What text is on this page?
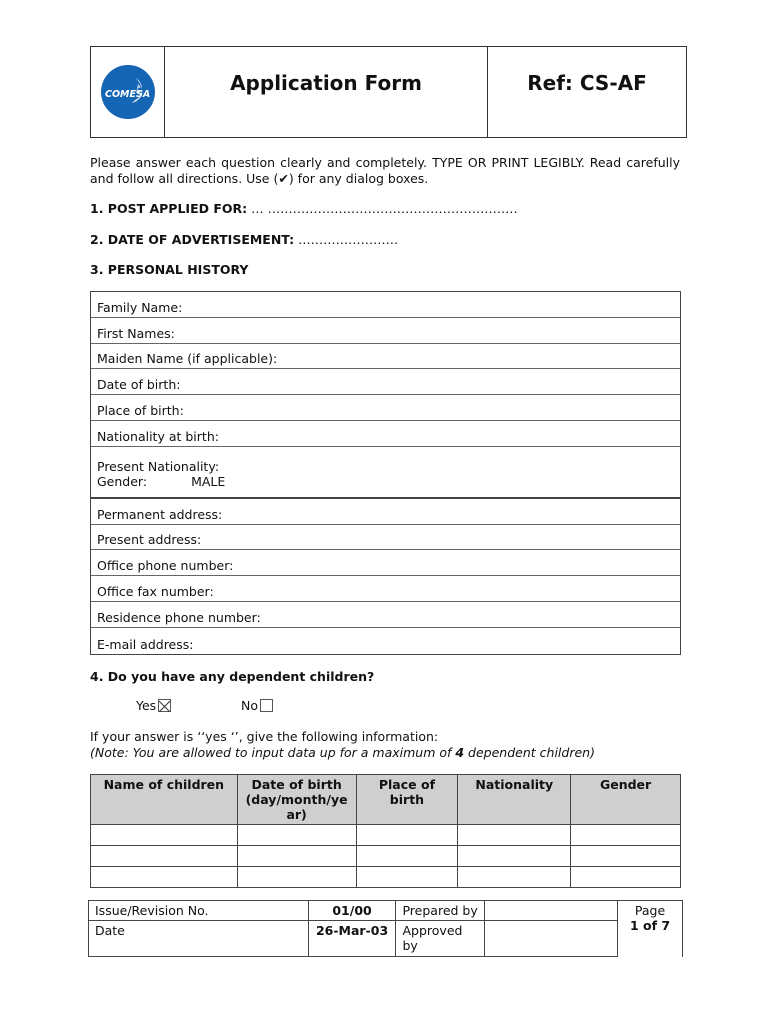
COMESA	Application Form	Ref: CS-AF

Please answer each question clearly and completely. TYPE OR PRINT LEGIBLY. Read carefully and follow all directions. Use (✔) for any dialog boxes.

1. POST APPLIED FOR: … ……………………………………………………
2. DATE OF ADVERTISEMENT: ……………………
3. PERSONAL HISTORY
Family Name:
First Names:
Maiden Name (if applicable):
Date of birth:
Place of birth:
Nationality at birth:
Present Nationality:
Gender:	MALE
Permanent address:
Present address:
Office phone number:
Office fax number:
Residence phone number:
E-mail address:
4. Do you have any dependent children?
Yes	No
If your answer is ‘‘yes ‘’, give the following information:
(Note: You are allowed to input data up for a maximum of 4 dependent children)
Name of children	Date of birth (day/month/ye ar)	Place of birth	Nationality	Gender

Issue/Revision No.	01/00	Prepared by		Page
1 of 7

Date	26-Mar-03	Approved by		
